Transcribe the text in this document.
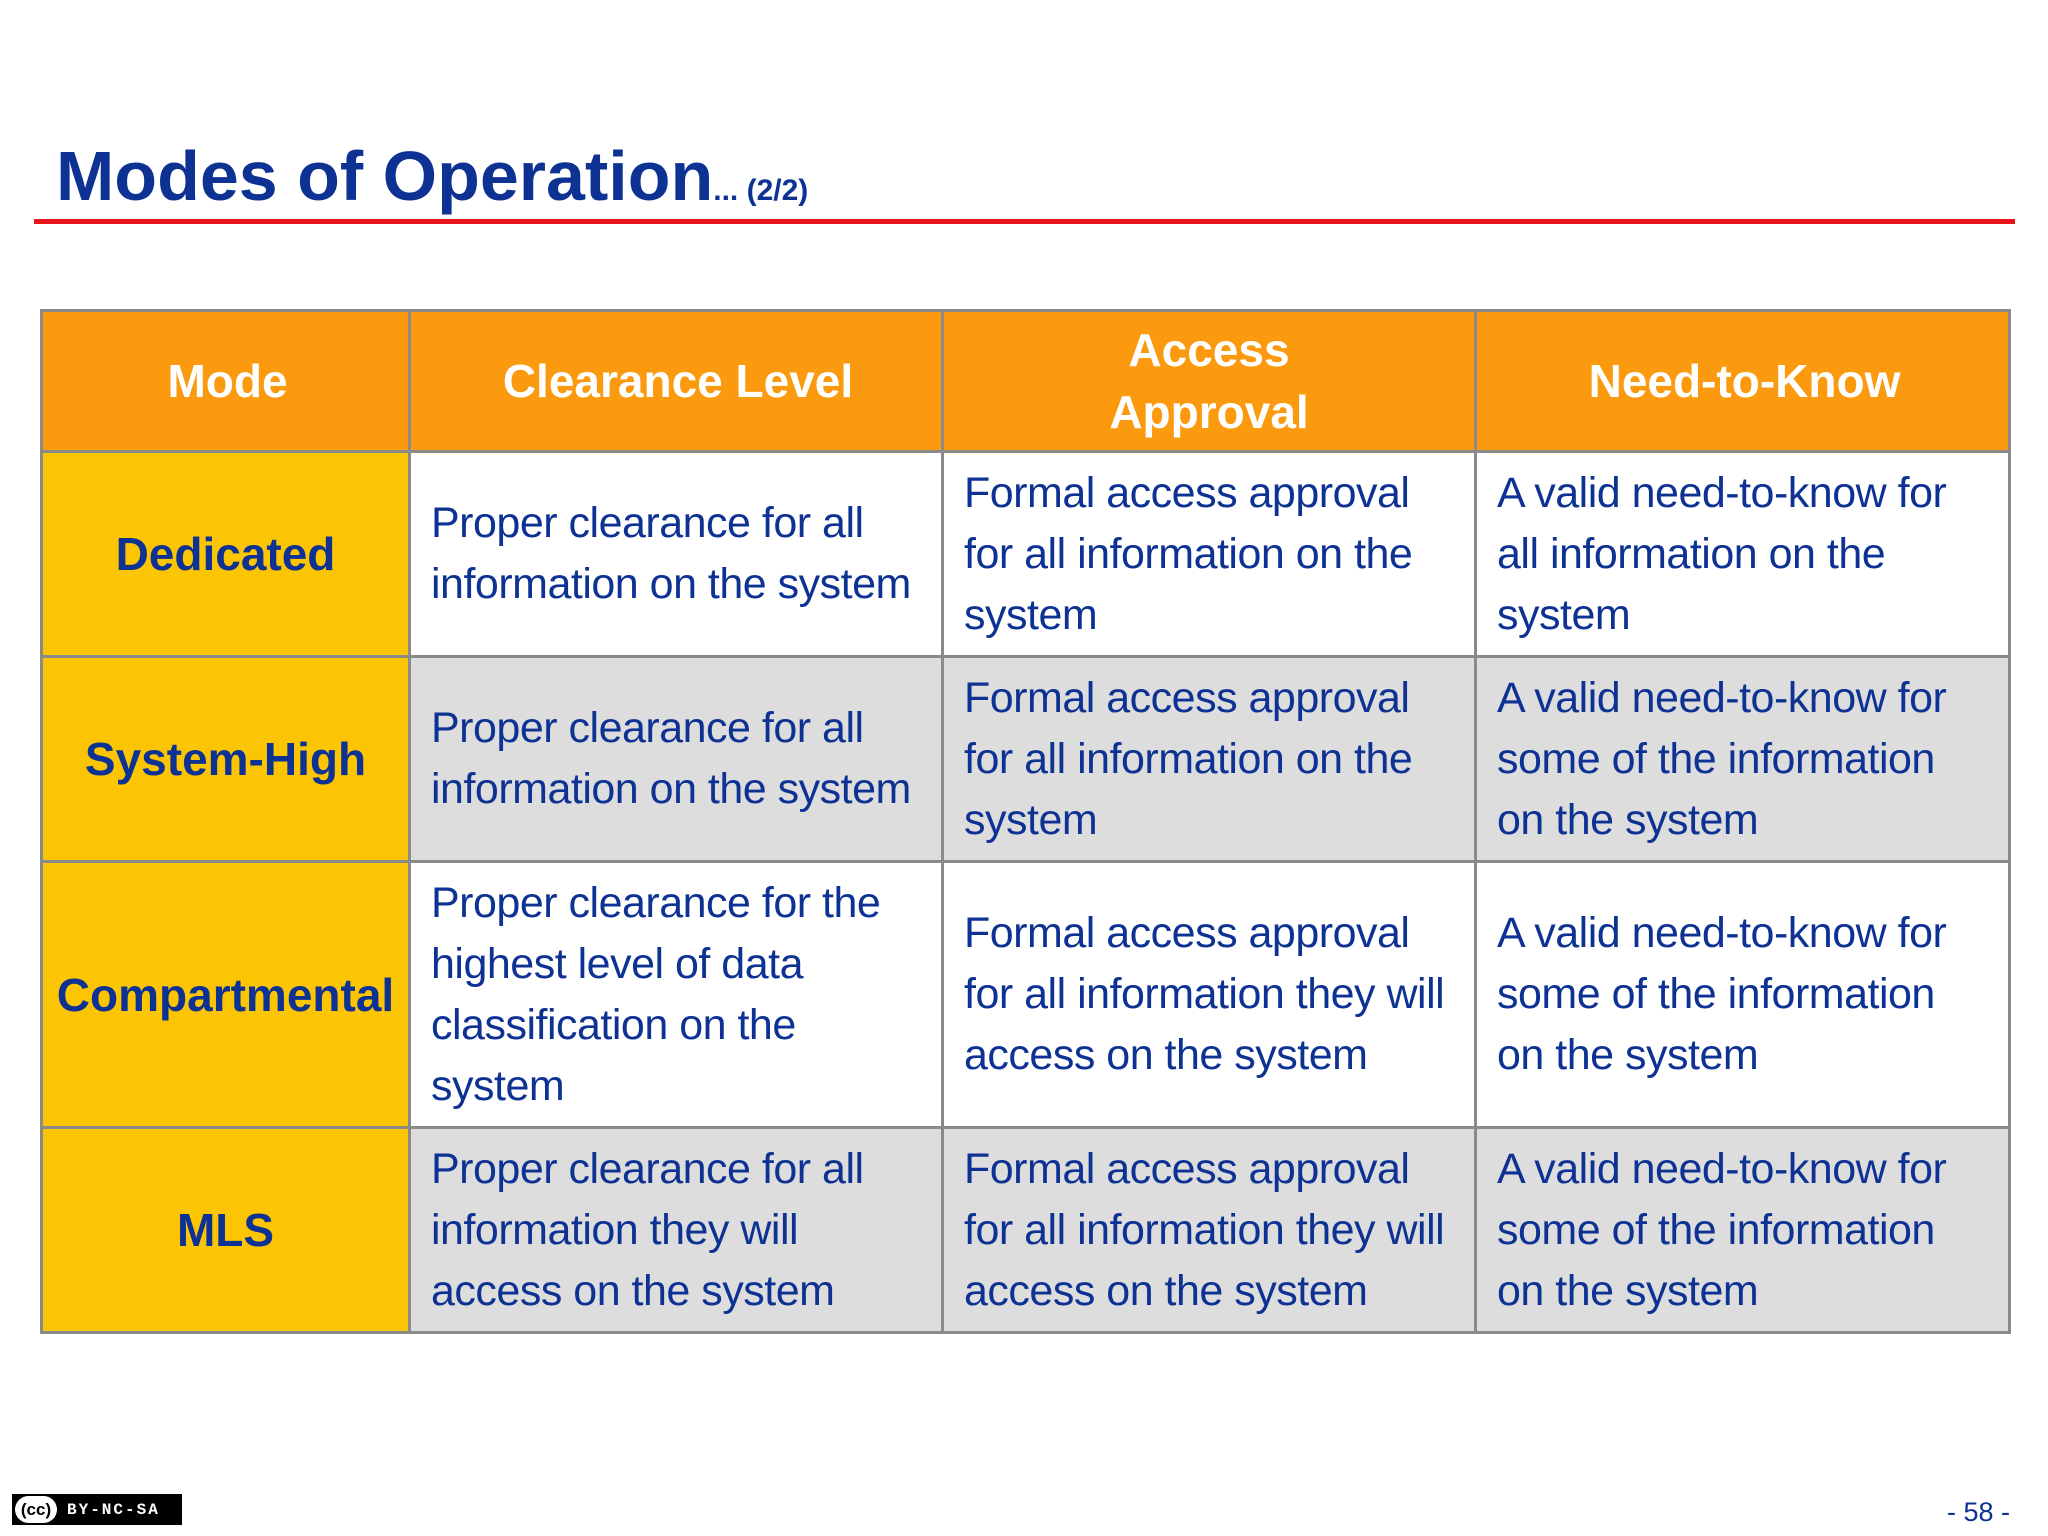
Modes of Operation... (2/2)
Mode	Clearance Level	Access Approval	Need-to-Know
Dedicated	Proper clearance for all information on the system	Formal access approval for all information on the system	A valid need-to-know for all information on the system
System-High	Proper clearance for all information on the system	Formal access approval for all information on the system	A valid need-to-know for some of the information on the system
Compartmental	Proper clearance for the highest level of data classification on the system	Formal access approval for all information they will access on the system	A valid need-to-know for some of the information on the system
MLS	Proper clearance for all information they will access on the system	Formal access approval for all information they will access on the system	A valid need-to-know for some of the information on the system
(cc) BY-NC-SA	- 58 -
